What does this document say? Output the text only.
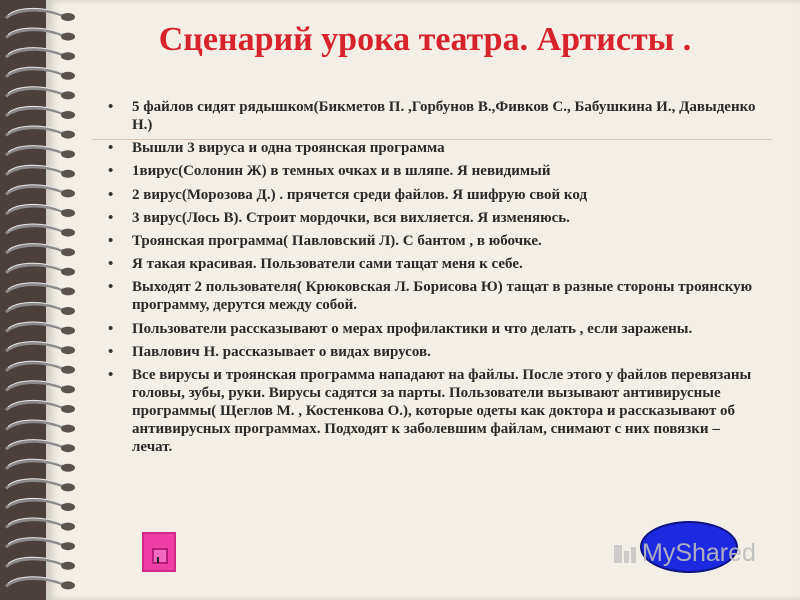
Сценарий урока театра. Артисты .
• 5 файлов сидят рядышком(Бикметов П. ,Горбунов В.,Фивков С., Бабушкина И., Давыденко Н.)
• Вышли 3 вируса и одна троянская программа
• 1вирус(Солонин Ж) в темных очках и в шляпе. Я невидимый
• 2 вирус(Морозова Д.) . прячется среди файлов. Я шифрую свой код
• 3 вирус(Лось В). Строит мордочки, вся вихляется. Я изменяюсь.
• Троянская программа( Павловский Л). С бантом , в юбочке.
• Я такая красивая. Пользователи сами тащат меня к себе.
• Выходят 2 пользователя( Крюковская Л. Борисова Ю) тащат в разные стороны троянскую программу, дерутся между собой.
• Пользователи рассказывают о мерах профилактики и что делать , если заражены.
• Павлович Н. рассказывает о видах вирусов.
• Все вирусы и троянская программа нападают на файлы. После этого у файлов перевязаны головы, зубы, руки. Вирусы садятся за парты. Пользователи вызывают антивирусные программы( Щеглов М. , Костенкова О.), которые одеты как доктора и рассказывают об антивирусных программах. Подходят к заболевшим файлам, снимают с них повязки – лечат.
MyShared
